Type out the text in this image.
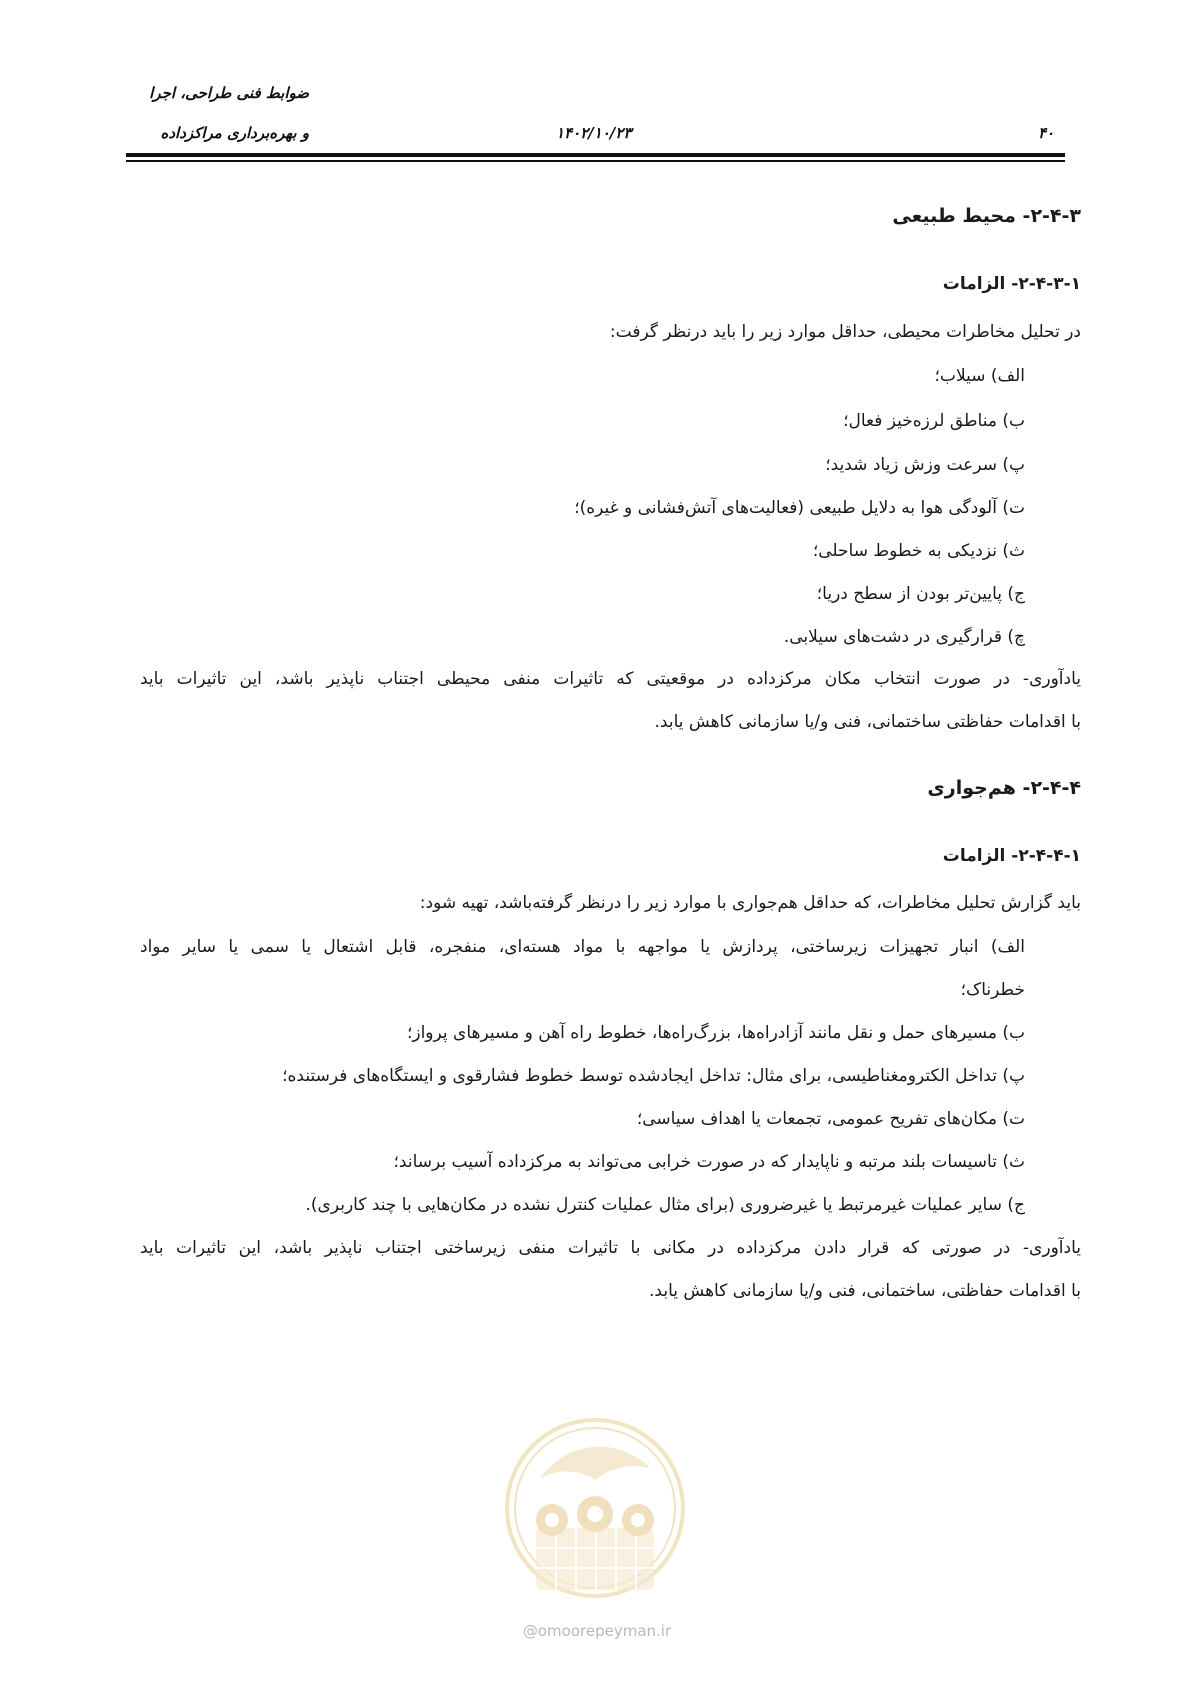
ضوابط فنی طراحی، اجرا
و بهره‌برداری مراکزداده	۱۴۰۲/۱۰/۲۳	۴۰
۲-۴-۳- محیط طبیعی
۲-۴-۳-۱- الزامات
در تحلیل مخاطرات محیطی، حداقل موارد زیر را باید درنظر گرفت:
الف) سیلاب؛
ب) مناطق لرزه‌خیز فعال؛
پ) سرعت وزش زیاد شدید؛
ت) آلودگی هوا به دلایل طبیعی (فعالیت‌های آتش‌فشانی و غیره)؛
ث) نزدیکی به خطوط ساحلی؛
ج) پایین‌تر بودن از سطح دریا؛
چ) قرارگیری در دشت‌های سیلابی.
یادآوری- در صورت انتخاب مکان مرکزداده در موقعیتی که تاثیرات منفی محیطی اجتناب ناپذیر باشد، این تاثیرات باید
با اقدامات حفاظتی ساختمانی، فنی و/یا سازمانی کاهش یابد.
۲-۴-۴- هم‌جواری
۲-۴-۴-۱- الزامات
باید گزارش تحلیل مخاطرات، که حداقل هم‌جواری با موارد زیر را درنظر گرفته‌باشد، تهیه شود:
الف) انبار تجهیزات زیرساختی، پردازش یا مواجهه با مواد هسته‌ای، منفجره، قابل اشتعال یا سمی یا سایر مواد
خطرناک؛
ب) مسیرهای حمل و نقل مانند آزادراه‌ها، بزرگ‌راه‌ها، خطوط راه آهن و مسیرهای پرواز؛
پ) تداخل الکترومغناطیسی، برای مثال: تداخل ایجادشده توسط خطوط فشارقوی و ایستگاه‌های فرستنده؛
ت) مکان‌های تفریح عمومی، تجمعات یا اهداف سیاسی؛
ث) تاسیسات بلند مرتبه و ناپایدار که در صورت خرابی می‌تواند به مرکزداده آسیب برساند؛
ج) سایر عملیات غیرمرتبط یا غیرضروری (برای مثال عملیات کنترل نشده در مکان‌هایی با چند کاربری).
یادآوری- در صورتی که قرار دادن مرکزداده در مکانی با تاثیرات منفی زیرساختی اجتناب ناپذیر باشد، این تاثیرات باید
با اقدامات حفاظتی، ساختمانی، فنی و/یا سازمانی کاهش یابد.
@omoorepeyman.ir
